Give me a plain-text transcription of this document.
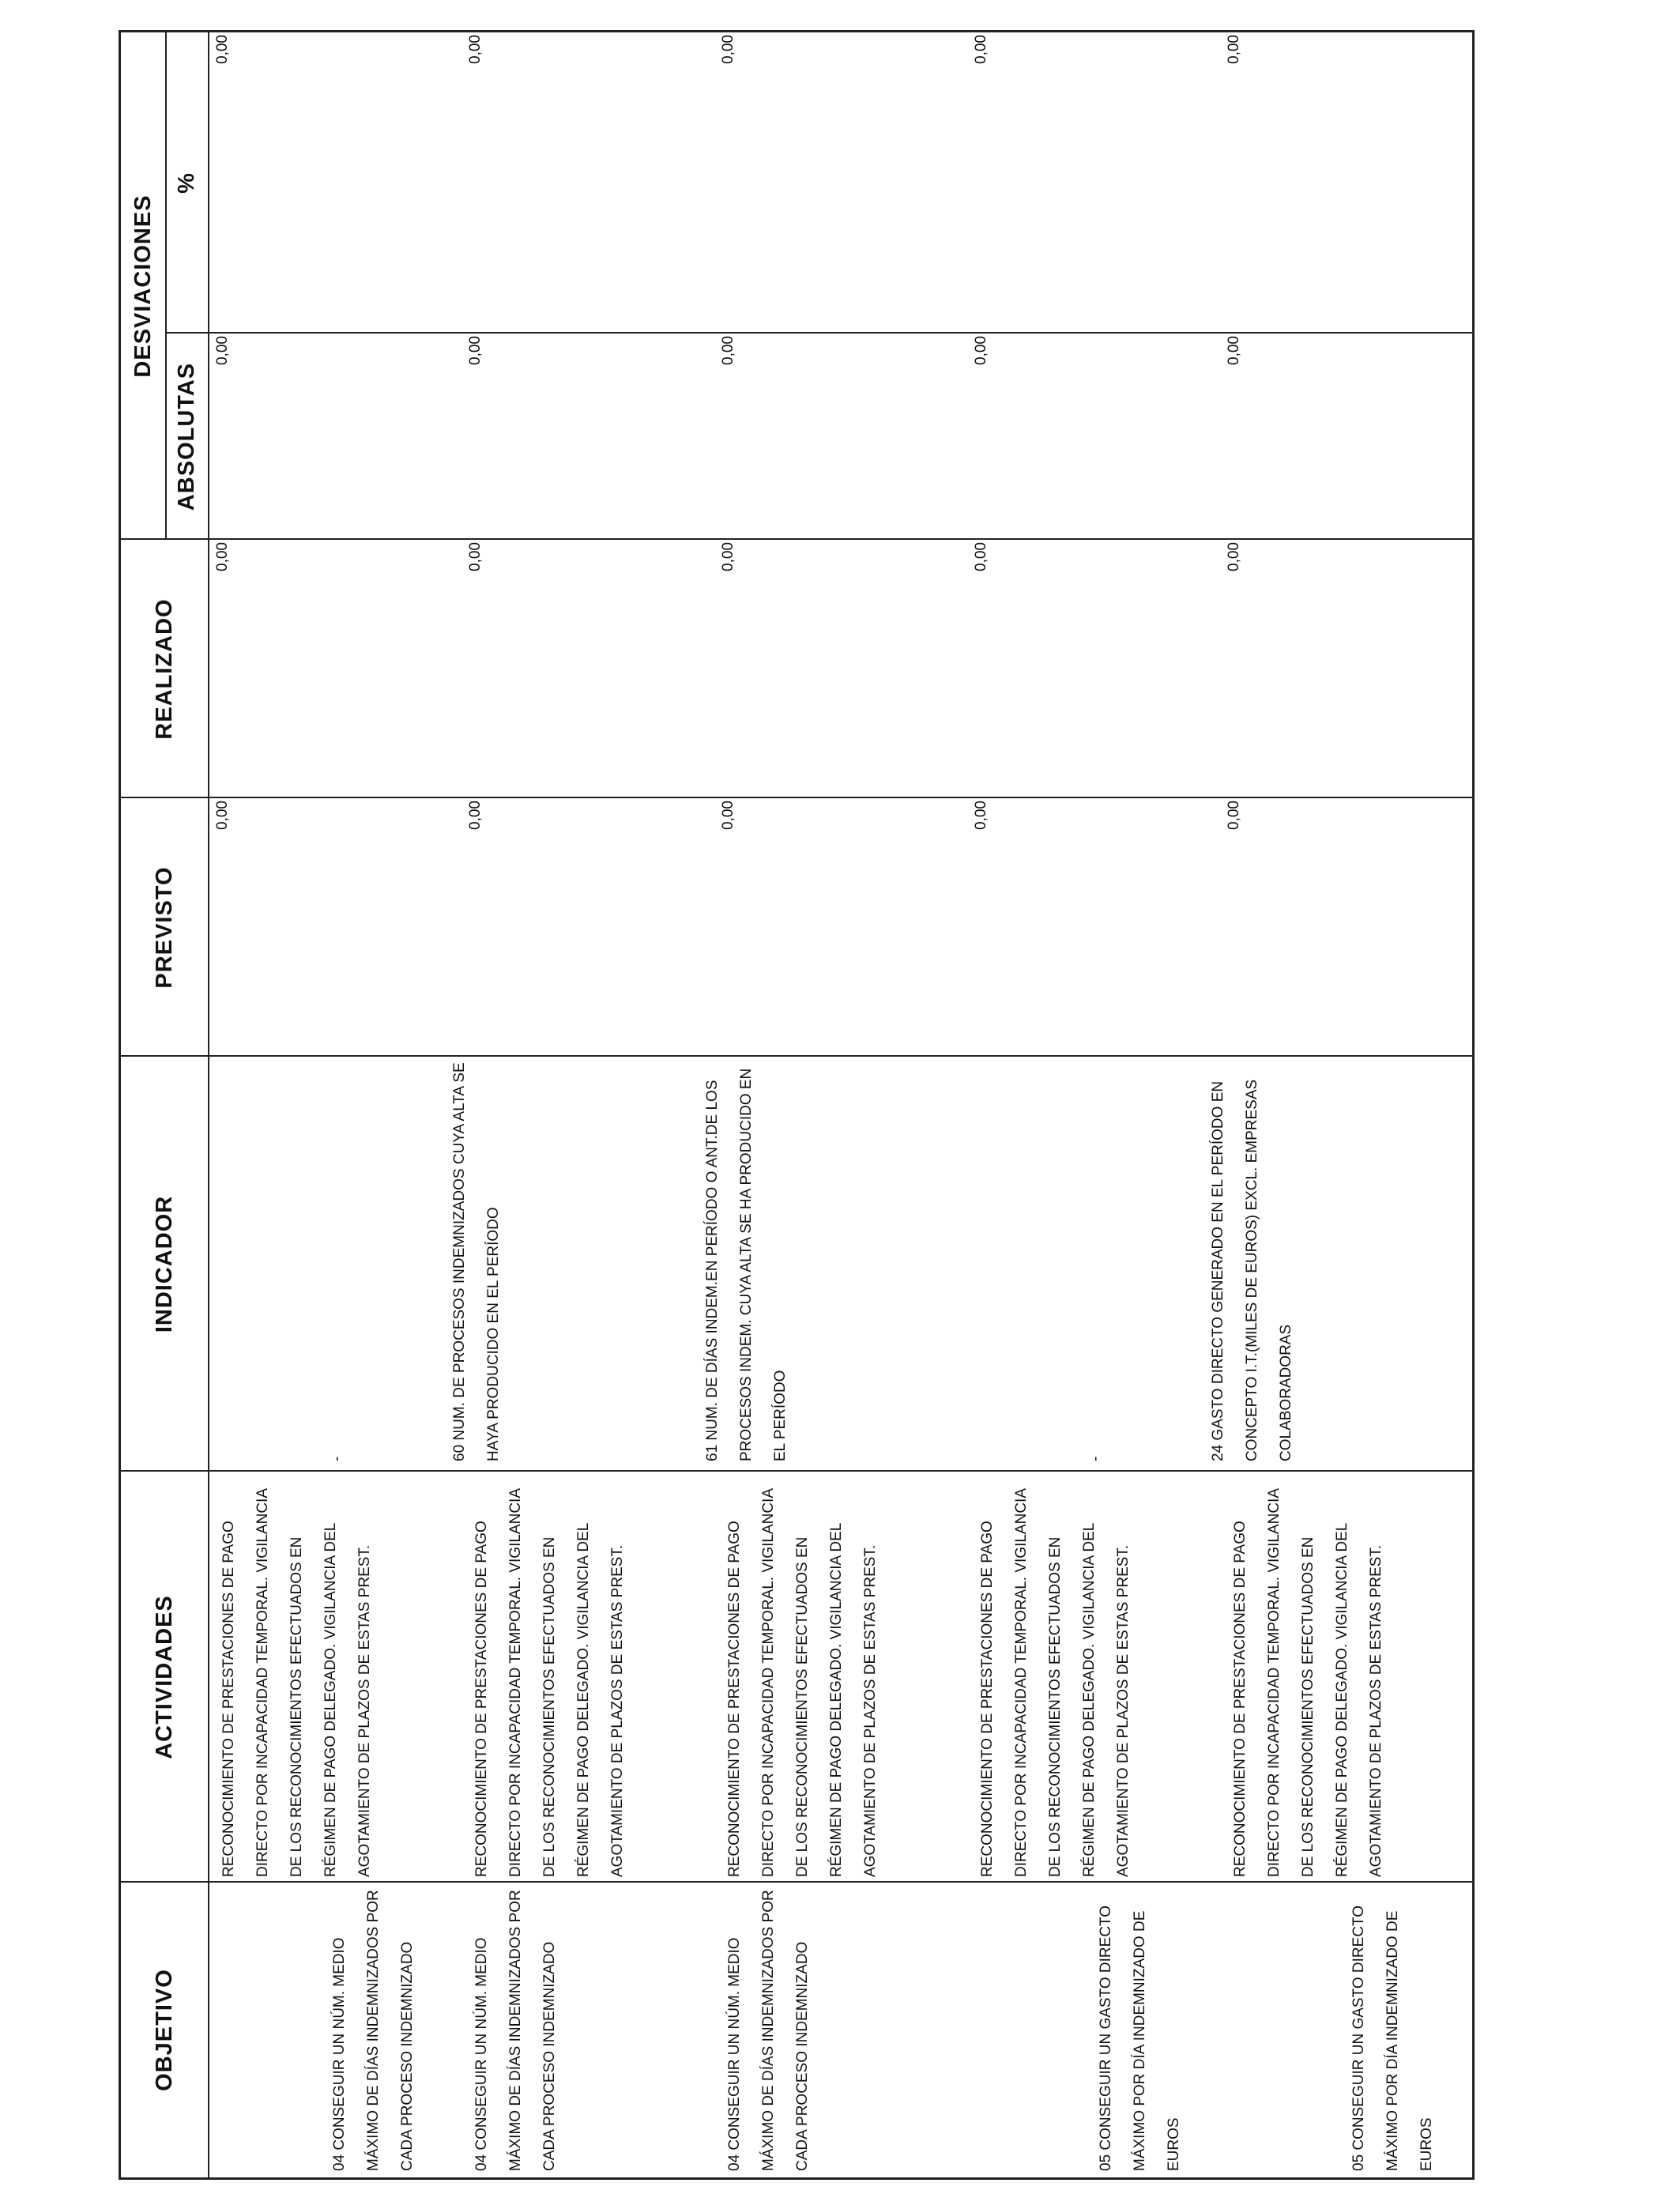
OBJETIVO
ACTIVIDADES
INDICADOR
PREVISTO
REALIZADO
DESVIACIONES
ABSOLUTAS
%
04 CONSEGUIR UN NÚM. MEDIO MÁXIMO DE DÍAS INDEMNIZADOS POR CADA PROCESO INDEMNIZADO
RECONOCIMIENTO DE PRESTACIONES DE PAGO DIRECTO POR INCAPACIDAD TEMPORAL. VIGILANCIA DE LOS RECONOCIMIENTOS EFECTUADOS EN RÉGIMEN DE PAGO DELEGADO. VIGILANCIA DEL AGOTAMIENTO DE PLAZOS DE ESTAS PREST.
-
0,00
0,00
0,00
0,00
04 CONSEGUIR UN NÚM. MEDIO MÁXIMO DE DÍAS INDEMNIZADOS POR CADA PROCESO INDEMNIZADO
RECONOCIMIENTO DE PRESTACIONES DE PAGO DIRECTO POR INCAPACIDAD TEMPORAL. VIGILANCIA DE LOS RECONOCIMIENTOS EFECTUADOS EN RÉGIMEN DE PAGO DELEGADO. VIGILANCIA DEL AGOTAMIENTO DE PLAZOS DE ESTAS PREST.
60 NUM. DE PROCESOS INDEMNIZADOS CUYA ALTA SE HAYA PRODUCIDO EN EL PERÍODO
0,00
0,00
0,00
0,00
04 CONSEGUIR UN NÚM. MEDIO MÁXIMO DE DÍAS INDEMNIZADOS POR CADA PROCESO INDEMNIZADO
RECONOCIMIENTO DE PRESTACIONES DE PAGO DIRECTO POR INCAPACIDAD TEMPORAL. VIGILANCIA DE LOS RECONOCIMIENTOS EFECTUADOS EN RÉGIMEN DE PAGO DELEGADO. VIGILANCIA DEL AGOTAMIENTO DE PLAZOS DE ESTAS PREST.
61 NUM. DE DÍAS INDEM.EN PERÍODO O ANT.DE LOS PROCESOS INDEM. CUYA ALTA SE HA PRODUCIDO EN EL PERÍODO
0,00
0,00
0,00
0,00
05 CONSEGUIR UN GASTO DIRECTO MÁXIMO POR DÍA INDEMNIZADO DE EUROS
RECONOCIMIENTO DE PRESTACIONES DE PAGO DIRECTO POR INCAPACIDAD TEMPORAL. VIGILANCIA DE LOS RECONOCIMIENTOS EFECTUADOS EN RÉGIMEN DE PAGO DELEGADO. VIGILANCIA DEL AGOTAMIENTO DE PLAZOS DE ESTAS PREST.
-
0,00
0,00
0,00
0,00
05 CONSEGUIR UN GASTO DIRECTO MÁXIMO POR DÍA INDEMNIZADO DE EUROS
RECONOCIMIENTO DE PRESTACIONES DE PAGO DIRECTO POR INCAPACIDAD TEMPORAL. VIGILANCIA DE LOS RECONOCIMIENTOS EFECTUADOS EN RÉGIMEN DE PAGO DELEGADO. VIGILANCIA DEL AGOTAMIENTO DE PLAZOS DE ESTAS PREST.
24 GASTO DIRECTO GENERADO EN EL PERÍODO EN CONCEPTO I.T.(MILES DE EUROS) EXCL. EMPRESAS COLABORADORAS
0,00
0,00
0,00
0,00
